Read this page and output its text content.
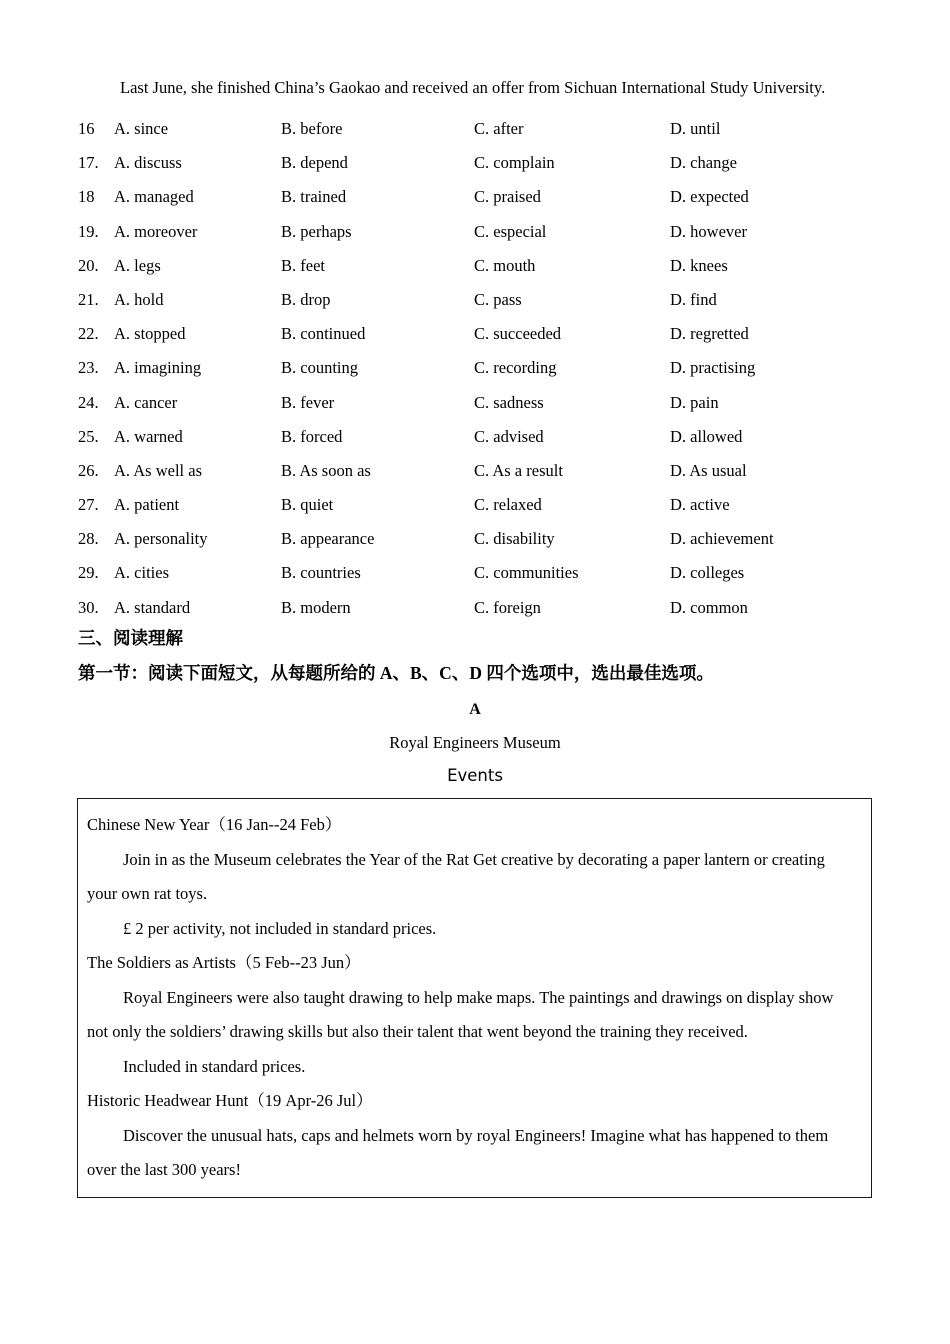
Last June, she finished China’s Gaokao and received an offer from Sichuan International Study University.
16	A. since	B. before	C. after	D. until
17. A. discuss	B. depend	C. complain	D. change
18	A. managed	B. trained	C. praised	D. expected
19. A. moreover	B. perhaps	C. especial	D. however
20. A. legs	B. feet	C. mouth	D. knees
21. A. hold	B. drop	C. pass	D. find
22. A. stopped	B. continued	C. succeeded	D. regretted
23. A. imagining	B. counting	C. recording	D. practising
24. A. cancer	B. fever	C. sadness	D. pain
25. A. warned	B. forced	C. advised	D. allowed
26. A. As well as	B. As soon as	C. As a result	D. As usual
27. A. patient	B. quiet	C. relaxed	D. active
28. A. personality	B. appearance	C. disability	D. achievement
29. A. cities	B. countries	C. communities	D. colleges
30. A. standard	B. modern	C. foreign	D. common
三、阅读理解
第一节：阅读下面短文，从每题所给的 A、B、C、D 四个选项中，选出最佳选项。
A
Royal Engineers Museum
Events
Chinese New Year（16 Jan--24 Feb）

Join in as the Museum celebrates the Year of the Rat Get creative by decorating a paper lantern or creating your own rat toys.

£ 2 per activity, not included in standard prices.
The Soldiers as Artists（5 Feb--23 Jun）

Royal Engineers were also taught drawing to help make maps. The paintings and drawings on display show not only the soldiers’ drawing skills but also their talent that went beyond the training they received.

Included in standard prices.
Historic Headwear Hunt（19 Apr-26 Jul）

Discover the unusual hats, caps and helmets worn by royal Engineers! Imagine what has happened to them over the last 300 years!
